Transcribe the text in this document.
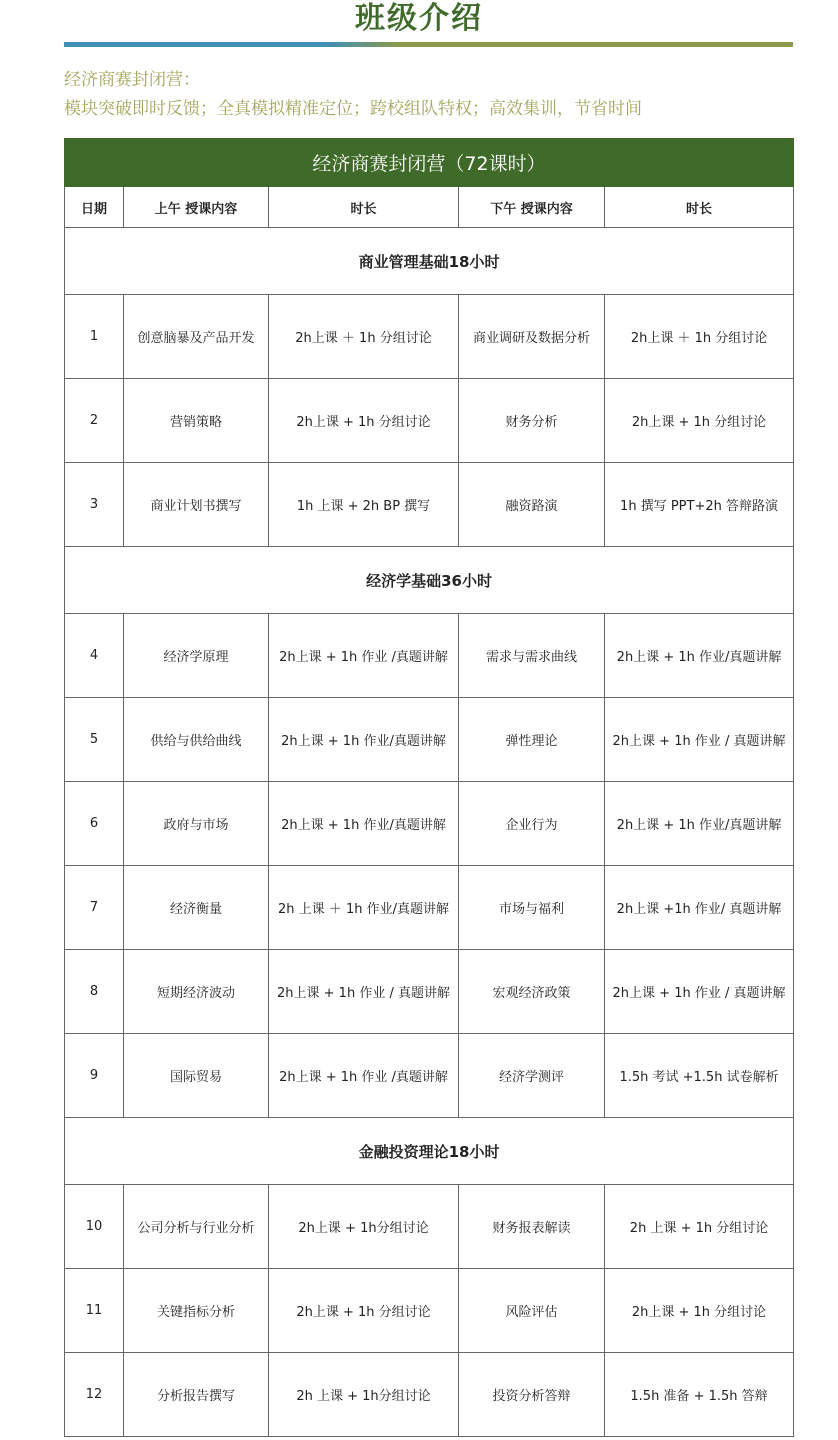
班级介绍
经济商赛封闭营：
模块突破即时反馈；全真模拟精准定位；跨校组队特权；高效集训，节省时间
经济商赛封闭营（72课时）				
日期	上午 授课内容	时长	下午 授课内容	时长
商业管理基础18小时				
1	创意脑暴及产品开发	2h上课 ＋ 1h 分组讨论	商业调研及数据分析	2h上课 ＋ 1h 分组讨论
2	营销策略	2h上课 + 1h 分组讨论	财务分析	2h上课 + 1h 分组讨论
3	商业计划书撰写	1h 上课 + 2h BP 撰写	融资路演	1h 撰写 PPT+2h 答辩路演
经济学基础36小时				
4	经济学原理	2h上课 + 1h 作业 /真题讲解	需求与需求曲线	2h上课 + 1h 作业/真题讲解
5	供给与供给曲线	2h上课 + 1h 作业/真题讲解	弹性理论	2h上课 + 1h 作业 / 真题讲解
6	政府与市场	2h上课 + 1h 作业/真题讲解	企业行为	2h上课 + 1h 作业/真题讲解
7	经济衡量	2h 上课 ＋ 1h 作业/真题讲解	市场与福利	2h上课 +1h 作业/ 真题讲解
8	短期经济波动	2h上课 + 1h 作业 / 真题讲解	宏观经济政策	2h上课 + 1h 作业 / 真题讲解
9	国际贸易	2h上课 + 1h 作业 /真题讲解	经济学测评	1.5h 考试 +1.5h 试卷解析
金融投资理论18小时				
10	公司分析与行业分析	2h上课 + 1h分组讨论	财务报表解读	2h 上课 + 1h 分组讨论
11	关键指标分析	2h上课 + 1h 分组讨论	风险评估	2h上课 + 1h 分组讨论
12	分析报告撰写	2h 上课 + 1h分组讨论	投资分析答辩	1.5h 准备 + 1.5h 答辩
